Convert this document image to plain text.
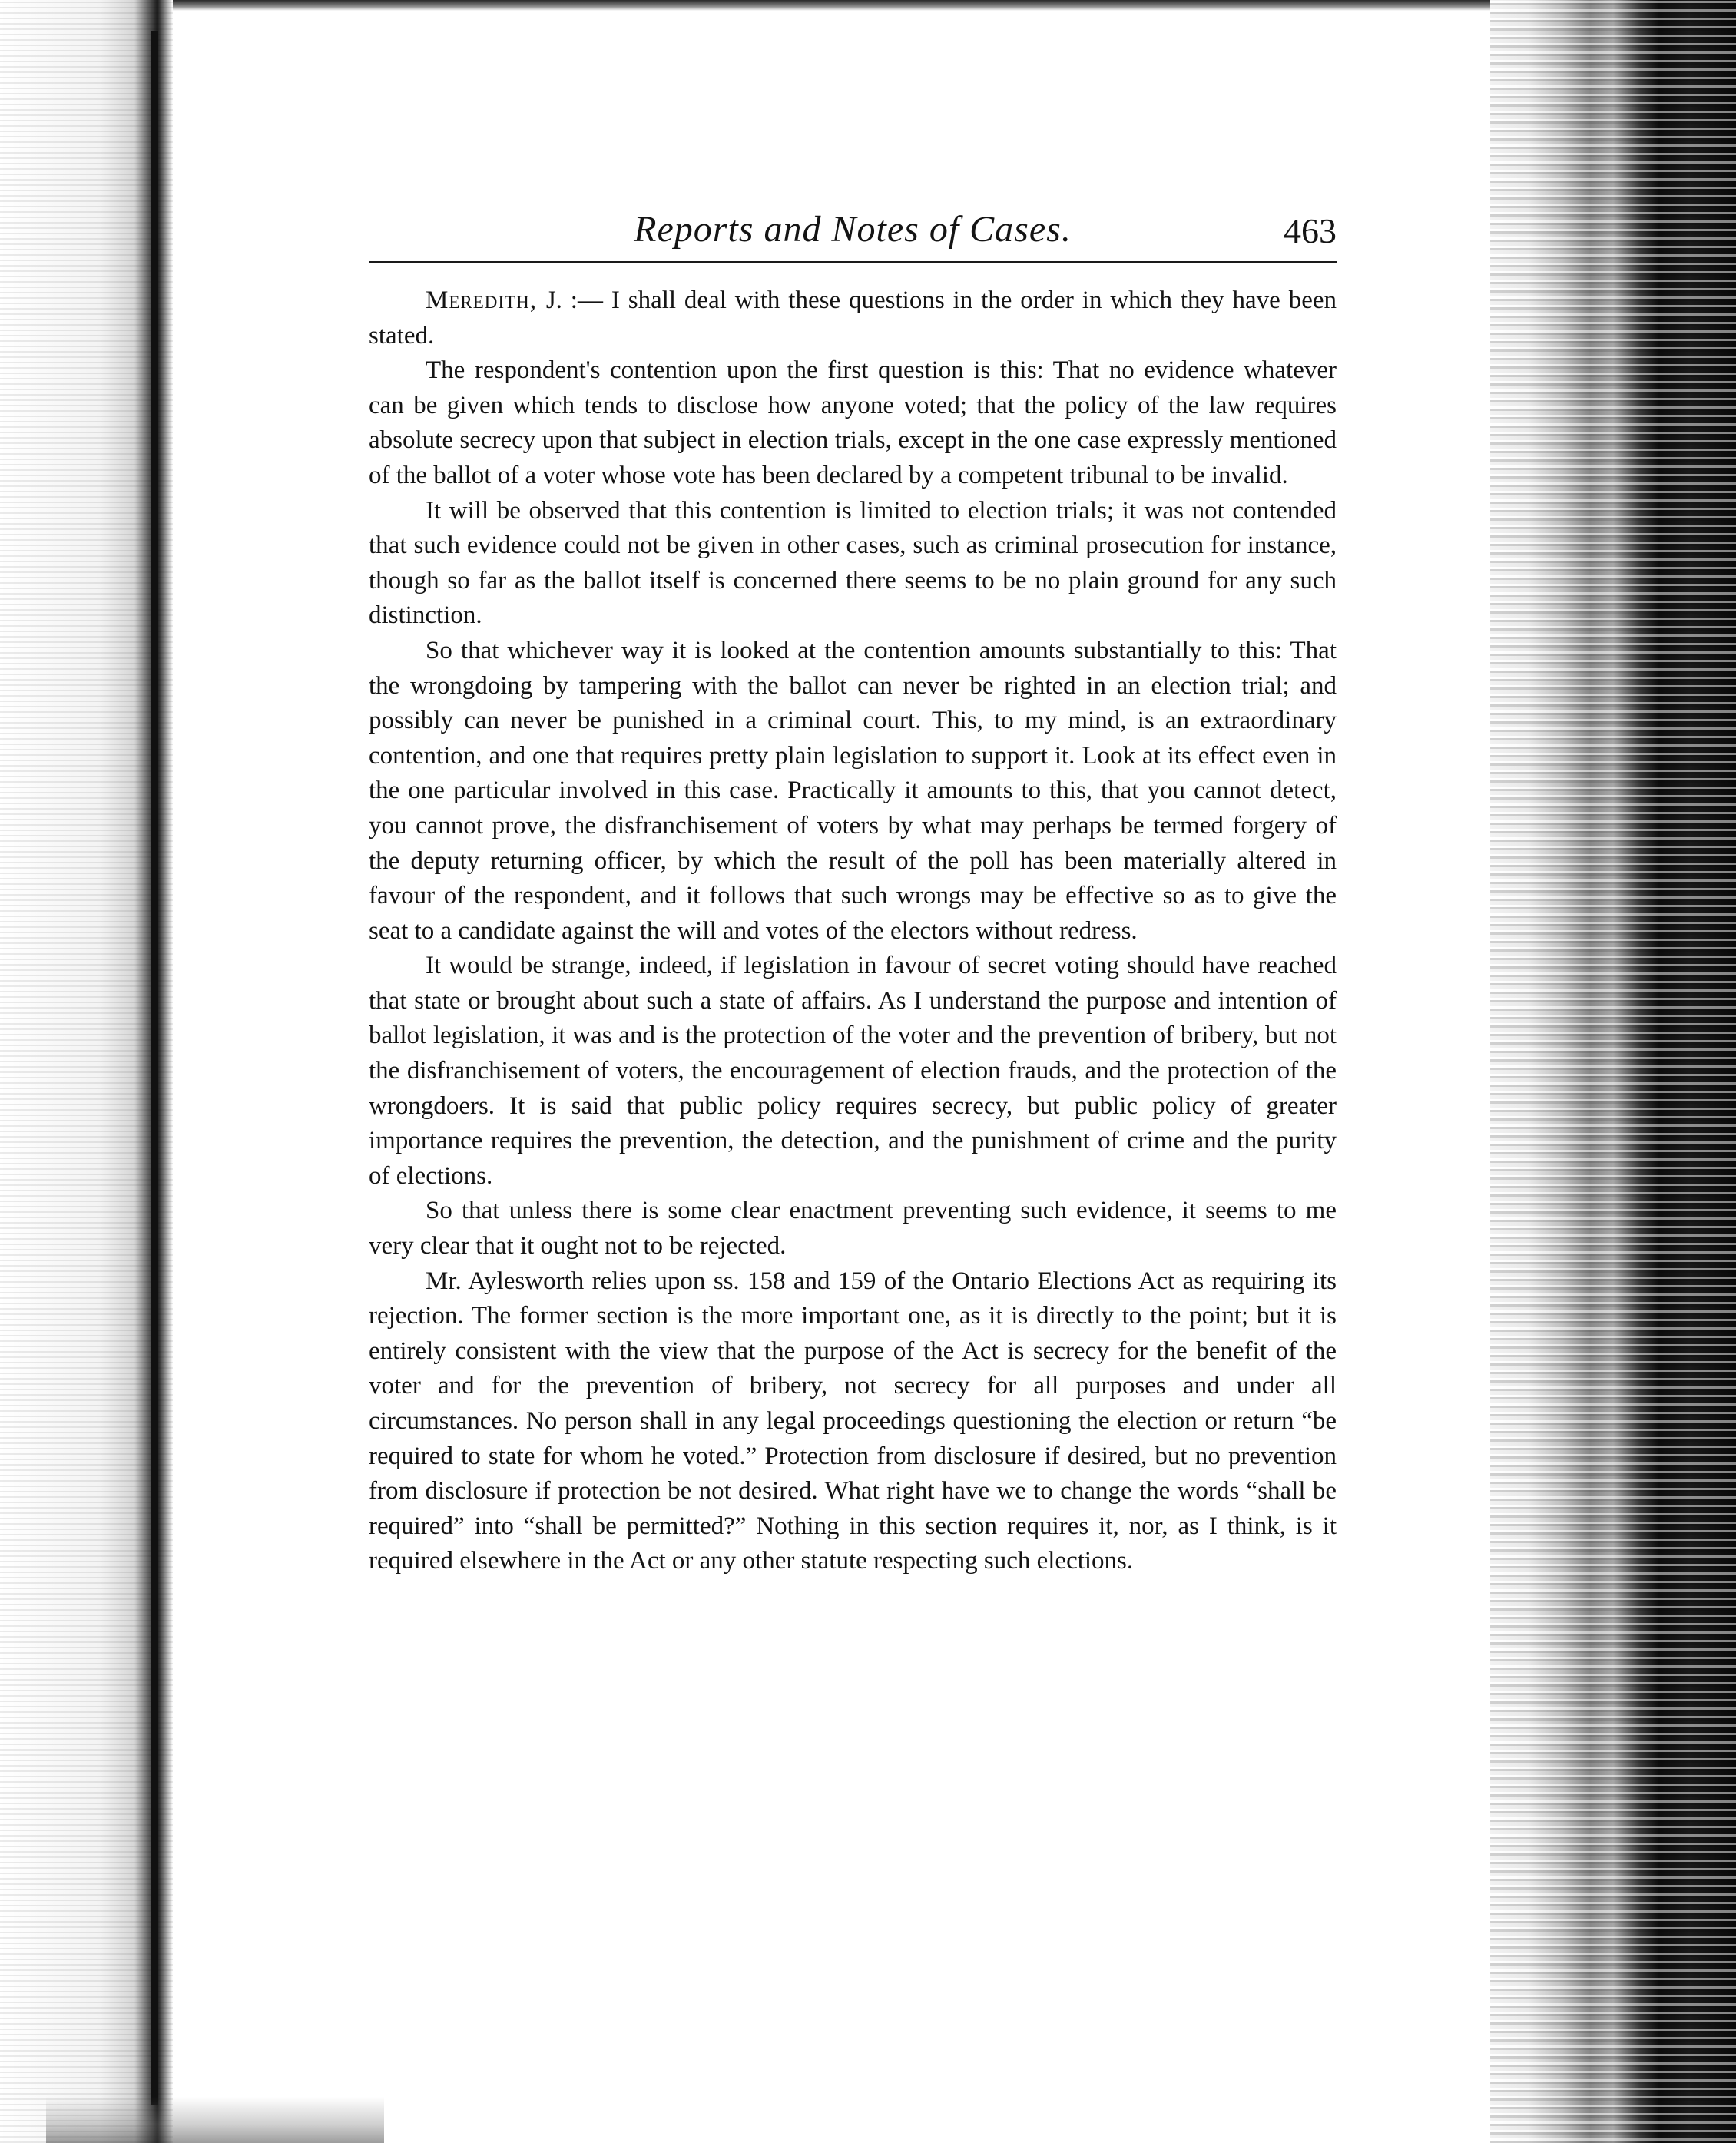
Reports and Notes of Cases.	463

Meredith, J. :— I shall deal with these questions in the order in which they have been stated.

The respondent's contention upon the first question is this: That no evidence whatever can be given which tends to disclose how anyone voted; that the policy of the law requires absolute secrecy upon that subject in election trials, except in the one case expressly mentioned of the ballot of a voter whose vote has been declared by a competent tribunal to be invalid.

It will be observed that this contention is limited to election trials; it was not contended that such evidence could not be given in other cases, such as criminal prosecution for instance, though so far as the ballot itself is concerned there seems to be no plain ground for any such distinction.

So that whichever way it is looked at the contention amounts substantially to this: That the wrongdoing by tampering with the ballot can never be righted in an election trial; and possibly can never be punished in a criminal court. This, to my mind, is an extraordinary contention, and one that requires pretty plain legislation to support it. Look at its effect even in the one particular involved in this case. Practically it amounts to this, that you cannot detect, you cannot prove, the disfranchisement of voters by what may perhaps be termed forgery of the deputy returning officer, by which the result of the poll has been materially altered in favour of the respondent, and it follows that such wrongs may be effective so as to give the seat to a candidate against the will and votes of the electors without redress.

It would be strange, indeed, if legislation in favour of secret voting should have reached that state or brought about such a state of affairs. As I understand the purpose and intention of ballot legislation, it was and is the protection of the voter and the prevention of bribery, but not the disfranchisement of voters, the encouragement of election frauds, and the protection of the wrongdoers. It is said that public policy requires secrecy, but public policy of greater importance requires the prevention, the detection, and the punishment of crime and the purity of elections.

So that unless there is some clear enactment preventing such evidence, it seems to me very clear that it ought not to be rejected.

Mr. Aylesworth relies upon ss. 158 and 159 of the Ontario Elections Act as requiring its rejection. The former section is the more important one, as it is directly to the point; but it is entirely consistent with the view that the purpose of the Act is secrecy for the benefit of the voter and for the prevention of bribery, not secrecy for all purposes and under all circumstances. No person shall in any legal proceedings questioning the election or return “be required to state for whom he voted.” Protection from disclosure if desired, but no prevention from disclosure if protection be not desired. What right have we to change the words “shall be required” into “shall be permitted?” Nothing in this section requires it, nor, as I think, is it required elsewhere in the Act or any other statute respecting such elections.
